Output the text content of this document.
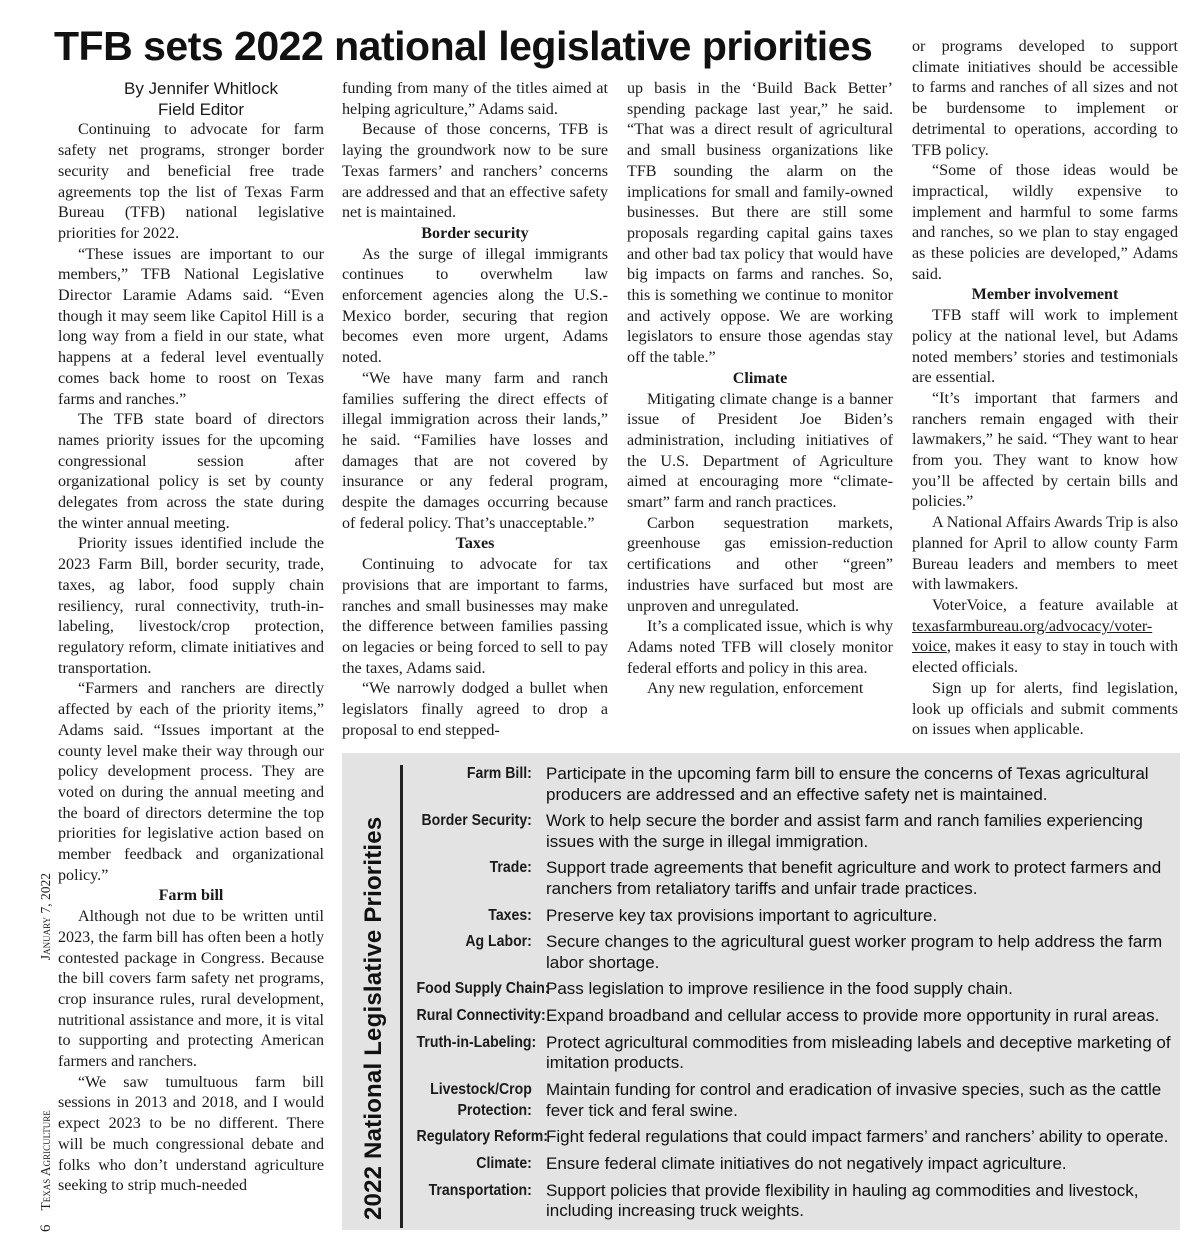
TFB sets 2022 national legislative priorities
6Texas AgricultureJanuary 7, 2022

By Jennifer Whitlock

Field Editor

Continuing to advocate for farm safety net programs, stronger border security and beneficial free trade agreements top the list of Texas Farm Bureau (TFB) national legislative priorities for 2022.

“These issues are important to our members,” TFB National Legislative Director Laramie Adams said. “Even though it may seem like Capitol Hill is a long way from a field in our state, what happens at a federal level eventually comes back home to roost on Texas farms and ranches.”

The TFB state board of directors names priority issues for the upcoming congressional session after organizational policy is set by county delegates from across the state during the winter annual meeting.

Priority issues identified include the 2023 Farm Bill, border security, trade, taxes, ag labor, food supply chain resiliency, rural connectivity, truth-in-labeling, livestock/crop protection, regulatory reform, climate initiatives and transportation.

“Farmers and ranchers are directly affected by each of the priority items,” Adams said. “Issues important at the county level make their way through our policy development process. They are voted on during the annual meeting and the board of directors determine the top priorities for legislative action based on member feedback and organizational policy.”

Farm bill

Although not due to be written until 2023, the farm bill has often been a hotly contested package in Congress. Because the bill covers farm safety net programs, crop insurance rules, rural development, nutritional assistance and more, it is vital to supporting and protecting American farmers and ranchers.

“We saw tumultuous farm bill sessions in 2013 and 2018, and I would expect 2023 to be no different. There will be much congressional debate and folks who don’t understand agriculture seeking to strip much-needed

funding from many of the titles aimed at helping agriculture,” Adams said.

Because of those concerns, TFB is laying the groundwork now to be sure Texas farmers’ and ranchers’ concerns are addressed and that an effective safety net is maintained.

Border security

As the surge of illegal immigrants continues to overwhelm law enforcement agencies along the U.S.-Mexico border, securing that region becomes even more urgent, Adams noted.

“We have many farm and ranch families suffering the direct effects of illegal immigration across their lands,” he said. “Families have losses and damages that are not covered by insurance or any federal program, despite the damages occurring because of federal policy. That’s unacceptable.”

Taxes

Continuing to advocate for tax provisions that are important to farms, ranches and small businesses may make the difference between families passing on legacies or being forced to sell to pay the taxes, Adams said.

“We narrowly dodged a bullet when legislators finally agreed to drop a proposal to end stepped-

up basis in the ‘Build Back Better’ spending package last year,” he said. “That was a direct result of agricultural and small business organizations like TFB sounding the alarm on the implications for small and family-owned businesses. But there are still some proposals regarding capital gains taxes and other bad tax policy that would have big impacts on farms and ranches. So, this is something we continue to monitor and actively oppose. We are working legislators to ensure those agendas stay off the table.”

Climate

Mitigating climate change is a banner issue of President Joe Biden’s administration, including initiatives of the U.S. Department of Agriculture aimed at encouraging more “climate-smart” farm and ranch practices.

Carbon sequestration markets, greenhouse gas emission-reduction certifications and other “green” industries have surfaced but most are unproven and unregulated.

It’s a complicated issue, which is why Adams noted TFB will closely monitor federal efforts and policy in this area.

Any new regulation, enforcement

or programs developed to support climate initiatives should be accessible to farms and ranches of all sizes and not be burdensome to implement or detrimental to operations, according to TFB policy.

“Some of those ideas would be impractical, wildly expensive to implement and harmful to some farms and ranches, so we plan to stay engaged as these policies are developed,” Adams said.

Member involvement

TFB staff will work to implement policy at the national level, but Adams noted members’ stories and testimonials are essential.

“It’s important that farmers and ranchers remain engaged with their lawmakers,” he said. “They want to hear from you. They want to know how you’ll be affected by certain bills and policies.”

A National Affairs Awards Trip is also planned for April to allow county Farm Bureau leaders and members to meet with lawmakers.

VoterVoice, a feature available at texasfarmbureau.org/advocacy/voter-voice, makes it easy to stay in touch with elected officials.

Sign up for alerts, find legislation, look up officials and submit comments on issues when applicable.

2022 National Legislative Priorities
Farm Bill: Participate in the upcoming farm bill to ensure the concerns of Texas agricultural producers are addressed and an effective safety net is maintained.
Border Security: Work to help secure the border and assist farm and ranch families experiencing issues with the surge in illegal immigration.
Trade: Support trade agreements that benefit agriculture and work to protect farmers and ranchers from retaliatory tariffs and unfair trade practices.
Taxes: Preserve key tax provisions important to agriculture.
Ag Labor: Secure changes to the agricultural guest worker program to help address the farm labor shortage.
Food Supply Chain:
Pass legislation to improve resilience in the food supply chain.
Rural Connectivity: Expand broadband and cellular access to provide more opportunity in rural areas.
Truth-in-Labeling: Protect agricultural commodities from misleading labels and deceptive marketing of imitation products.
Livestock/Crop Protection:
Maintain funding for control and eradication of invasive species, such as the cattle fever tick and feral swine.
Regulatory Reform:
Fight federal regulations that could impact farmers’ and ranchers’ ability to operate.
Climate: Ensure federal climate initiatives do not negatively impact agriculture.
Transportation: Support policies that provide flexibility in hauling ag commodities and livestock, including increasing truck weights.
